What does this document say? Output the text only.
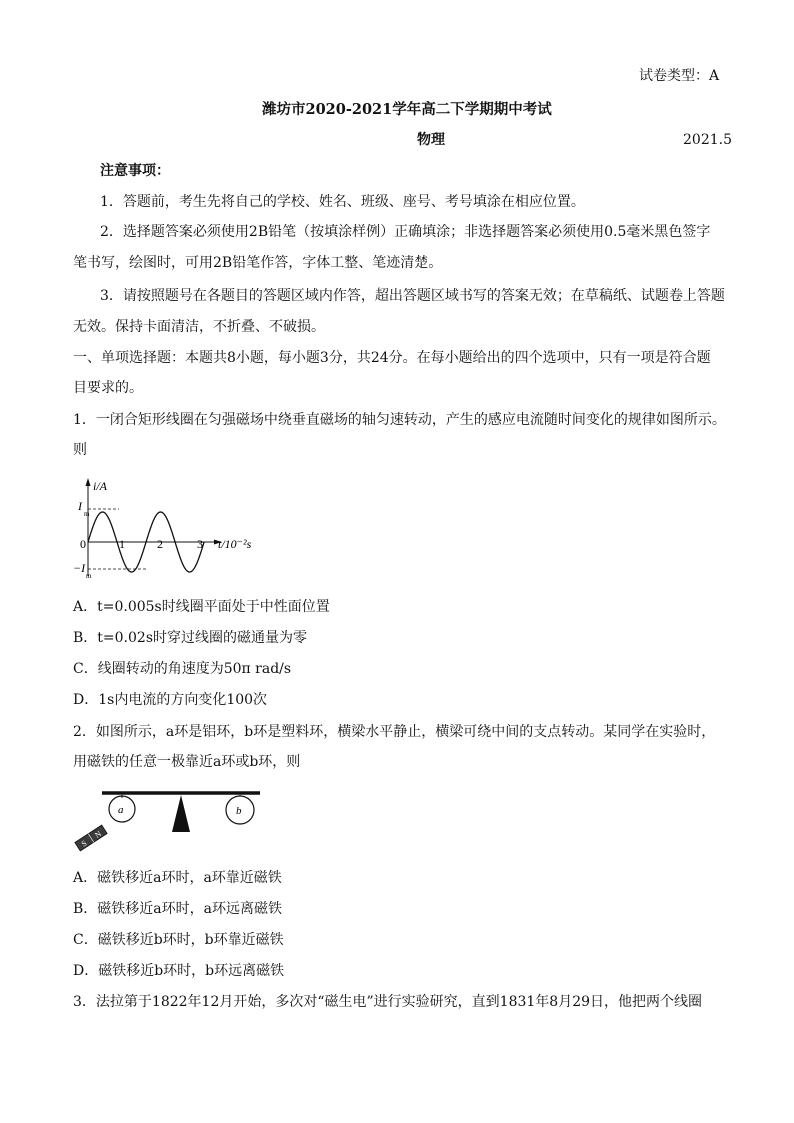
试卷类型：A
潍坊市2020-2021学年高二下学期期中考试
物理	2021.5
注意事项：
1．答题前，考生先将自己的学校、姓名、班级、座号、考号填涂在相应位置。
2．选择题答案必须使用2B铅笔（按填涂样例）正确填涂；非选择题答案必须使用0.5毫米黑色签字
笔书写，绘图时，可用2B铅笔作答，字体工整、笔迹清楚。
3．请按照题号在各题目的答题区域内作答，超出答题区域书写的答案无效；在草稿纸、试题卷上答题
无效。保持卡面清洁，不折叠、不破损。
一、单项选择题：本题共8小题，每小题3分，共24分。在每小题给出的四个选项中，只有一项是符合题
目要求的。
1．一闭合矩形线圈在匀强磁场中绕垂直磁场的轴匀速转动，产生的感应电流随时间变化的规律如图所示。
则
i/A
t/10⁻²s
0
I
m
−I
m
1	2	3
a	b
S
N
A．t=0.005s时线圈平面处于中性面位置
B．t=0.02s时穿过线圈的磁通量为零
C．线圈转动的角速度为50π rad/s
D．1s内电流的方向变化100次
2．如图所示，a环是铝环，b环是塑料环，横梁水平静止，横梁可绕中间的支点转动。某同学在实验时，
用磁铁的任意一极靠近a环或b环，则
A．磁铁移近a环时，a环靠近磁铁
B．磁铁移近a环时，a环远离磁铁
C．磁铁移近b环时，b环靠近磁铁
D．磁铁移近b环时，b环远离磁铁
3．法拉第于1822年12月开始，多次对“磁生电”进行实验研究，直到1831年8月29日，他把两个线圈
